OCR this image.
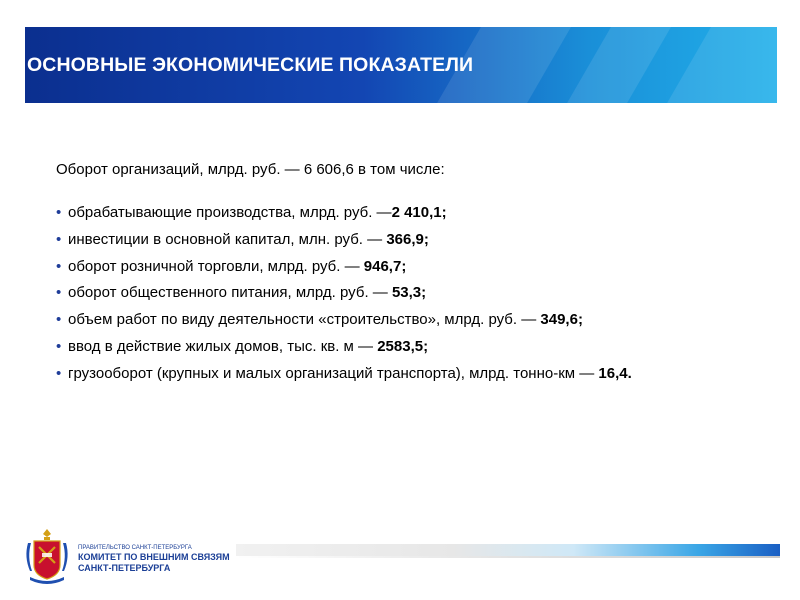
ОСНОВНЫЕ ЭКОНОМИЧЕСКИЕ ПОКАЗАТЕЛИ

Оборот организаций, млрд. руб. — 6 606,6 в том числе:

• обрабатывающие производства, млрд. руб. —2 410,1;
• инвестиции в основной капитал, млн. руб. — 366,9;
• оборот розничной торговли, млрд. руб. — 946,7;
• оборот общественного питания, млрд. руб. — 53,3;
• объем работ по виду деятельности «строительство», млрд. руб. — 349,6;
• ввод в действие жилых домов, тыс. кв. м — 2583,5;
• грузооборот (крупных и малых организаций транспорта), млрд. тонно-км — 16,4.
ПРАВИТЕЛЬСТВО САНКТ-ПЕТЕРБУРГА
КОМИТЕТ ПО ВНЕШНИМ СВЯЗЯМ
САНКТ-ПЕТЕРБУРГА
